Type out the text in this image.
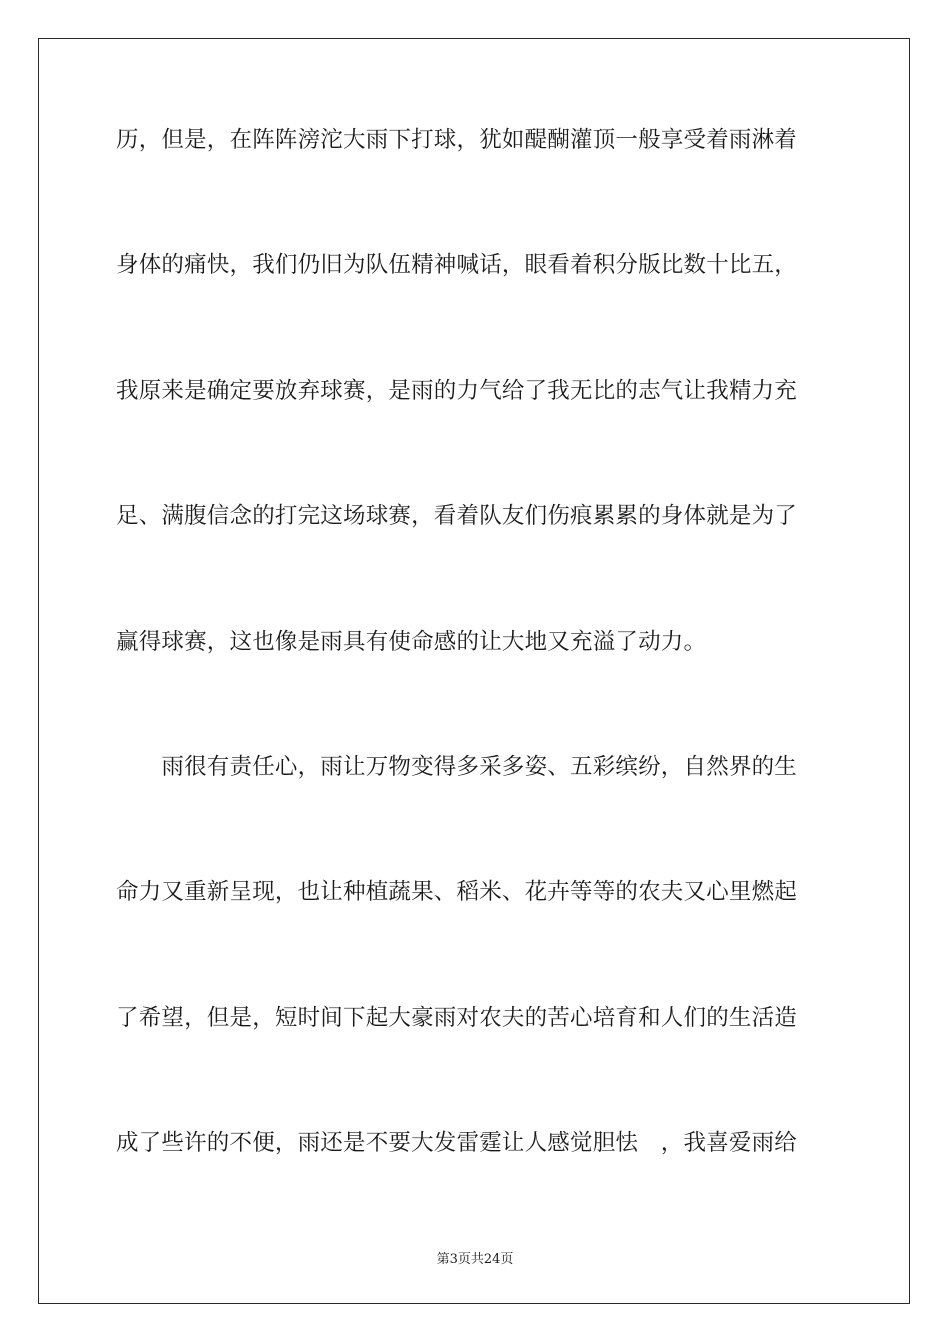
历，但是，在阵阵滂沱大雨下打球，犹如醍醐灌顶一般享受着雨淋着
身体的痛快，我们仍旧为队伍精神喊话，眼看着积分版比数十比五，
我原来是确定要放弃球赛，是雨的力气给了我无比的志气让我精力充
足、满腹信念的打完这场球赛，看着队友们伤痕累累的身体就是为了
赢得球赛，这也像是雨具有使命感的让大地又充溢了动力。
　　雨很有责任心，雨让万物变得多采多姿、五彩缤纷，自然界的生
命力又重新呈现，也让种植蔬果、稻米、花卉等等的农夫又心里燃起
了希望，但是，短时间下起大豪雨对农夫的苦心培育和人们的生活造
成了些许的不便，雨还是不要大发雷霆让人感觉胆怯　，我喜爱雨给
第3页共24页
